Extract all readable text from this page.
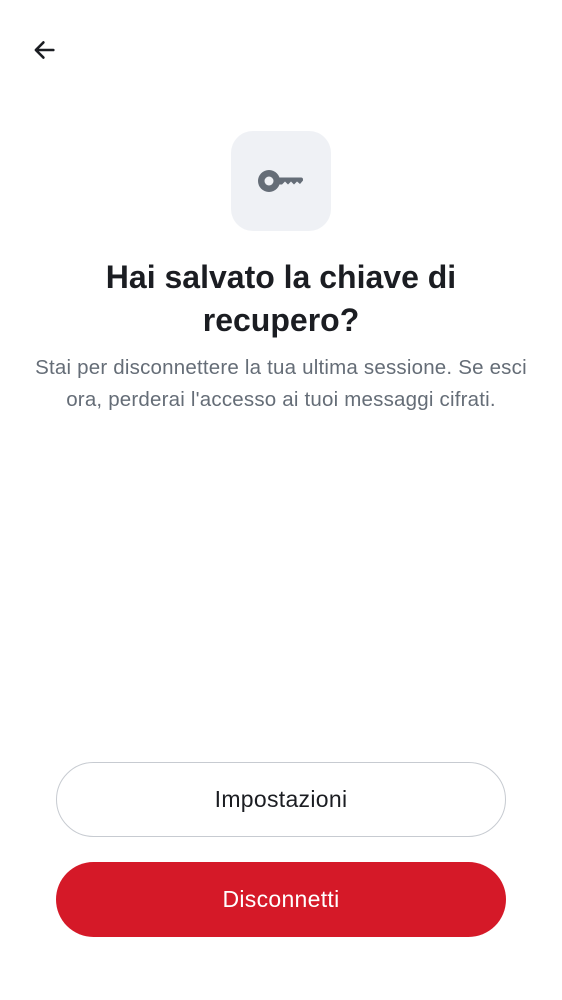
Hai salvato la chiave di recupero?

Stai per disconnettere la tua ultima sessione. Se esci ora, perderai l'accesso ai tuoi messaggi cifrati.

Impostazioni
Disconnetti
